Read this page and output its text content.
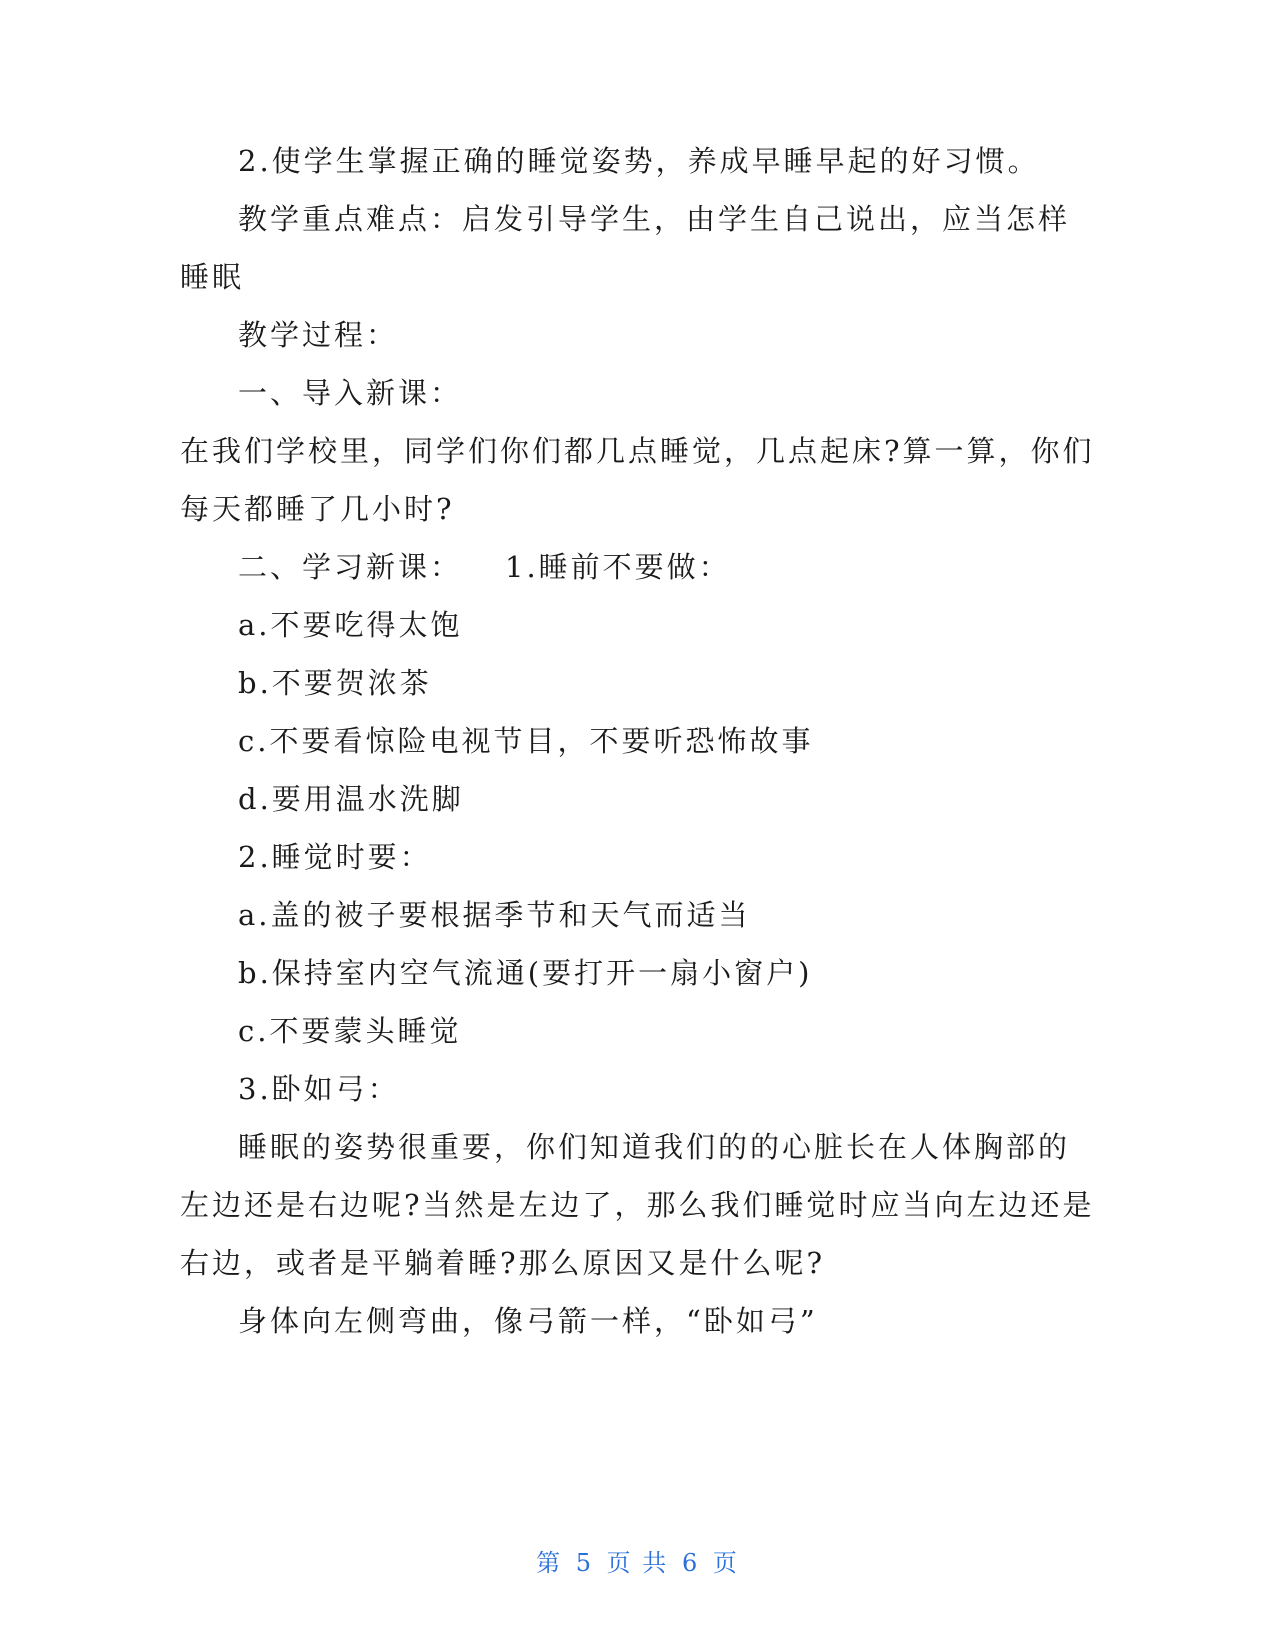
2.使学生掌握正确的睡觉姿势，养成早睡早起的好习惯。
教学重点难点：启发引导学生，由学生自己说出，应当怎样
睡眠
教学过程：
一、导入新课：
在我们学校里，同学们你们都几点睡觉，几点起床?算一算，你们
每天都睡了几小时?
二、学习新课： 1.睡前不要做：
a.不要吃得太饱
b.不要贺浓茶
c.不要看惊险电视节目，不要听恐怖故事
d.要用温水洗脚
2.睡觉时要：
a.盖的被子要根据季节和天气而适当
b.保持室内空气流通(要打开一扇小窗户)
c.不要蒙头睡觉
3.卧如弓：
睡眠的姿势很重要，你们知道我们的的心脏长在人体胸部的
左边还是右边呢?当然是左边了，那么我们睡觉时应当向左边还是
右边，或者是平躺着睡?那么原因又是什么呢?
身体向左侧弯曲，像弓箭一样，“卧如弓”
第 5 页 共 6 页
